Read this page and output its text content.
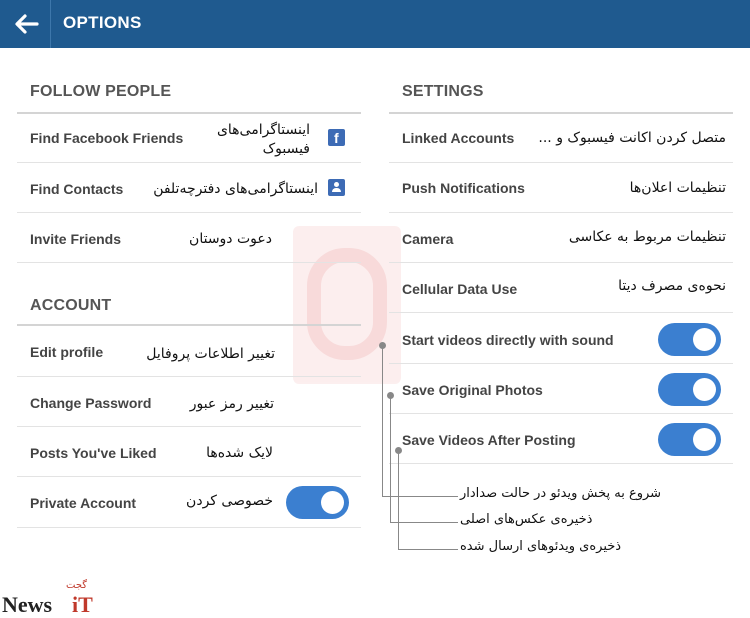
OPTIONS
FOLLOW PEOPLE
Find Facebook Friends	اینستاگرامی‌های فیسبوک
f
Find Contacts	اینستاگرامی‌های دفترچه‌تلفن
Invite Friends	دعوت دوستان
ACCOUNT
Edit profile	تغییر اطلاعات پروفایل
Change Password	تغییر رمز عبور
Posts You've Liked	لایک شده‌ها
Private Account	خصوصی کردن
SETTINGS
Linked Accounts	متصل کردن اکانت فیسبوک و ...
Push Notifications	تنظیمات اعلان‌ها
Camera	تنظیمات مربوط به عکاسی
Cellular Data Use	نحوه‌ی مصرف دیتا
Start videos directly with sound
Save Original Photos
Save Videos After Posting
شروع به پخش ویدئو در حالت صدادار
ذخیره‌ی عکس‌های اصلی
ذخیره‌ی ویدئوهای ارسال شده
گجت
News iT
